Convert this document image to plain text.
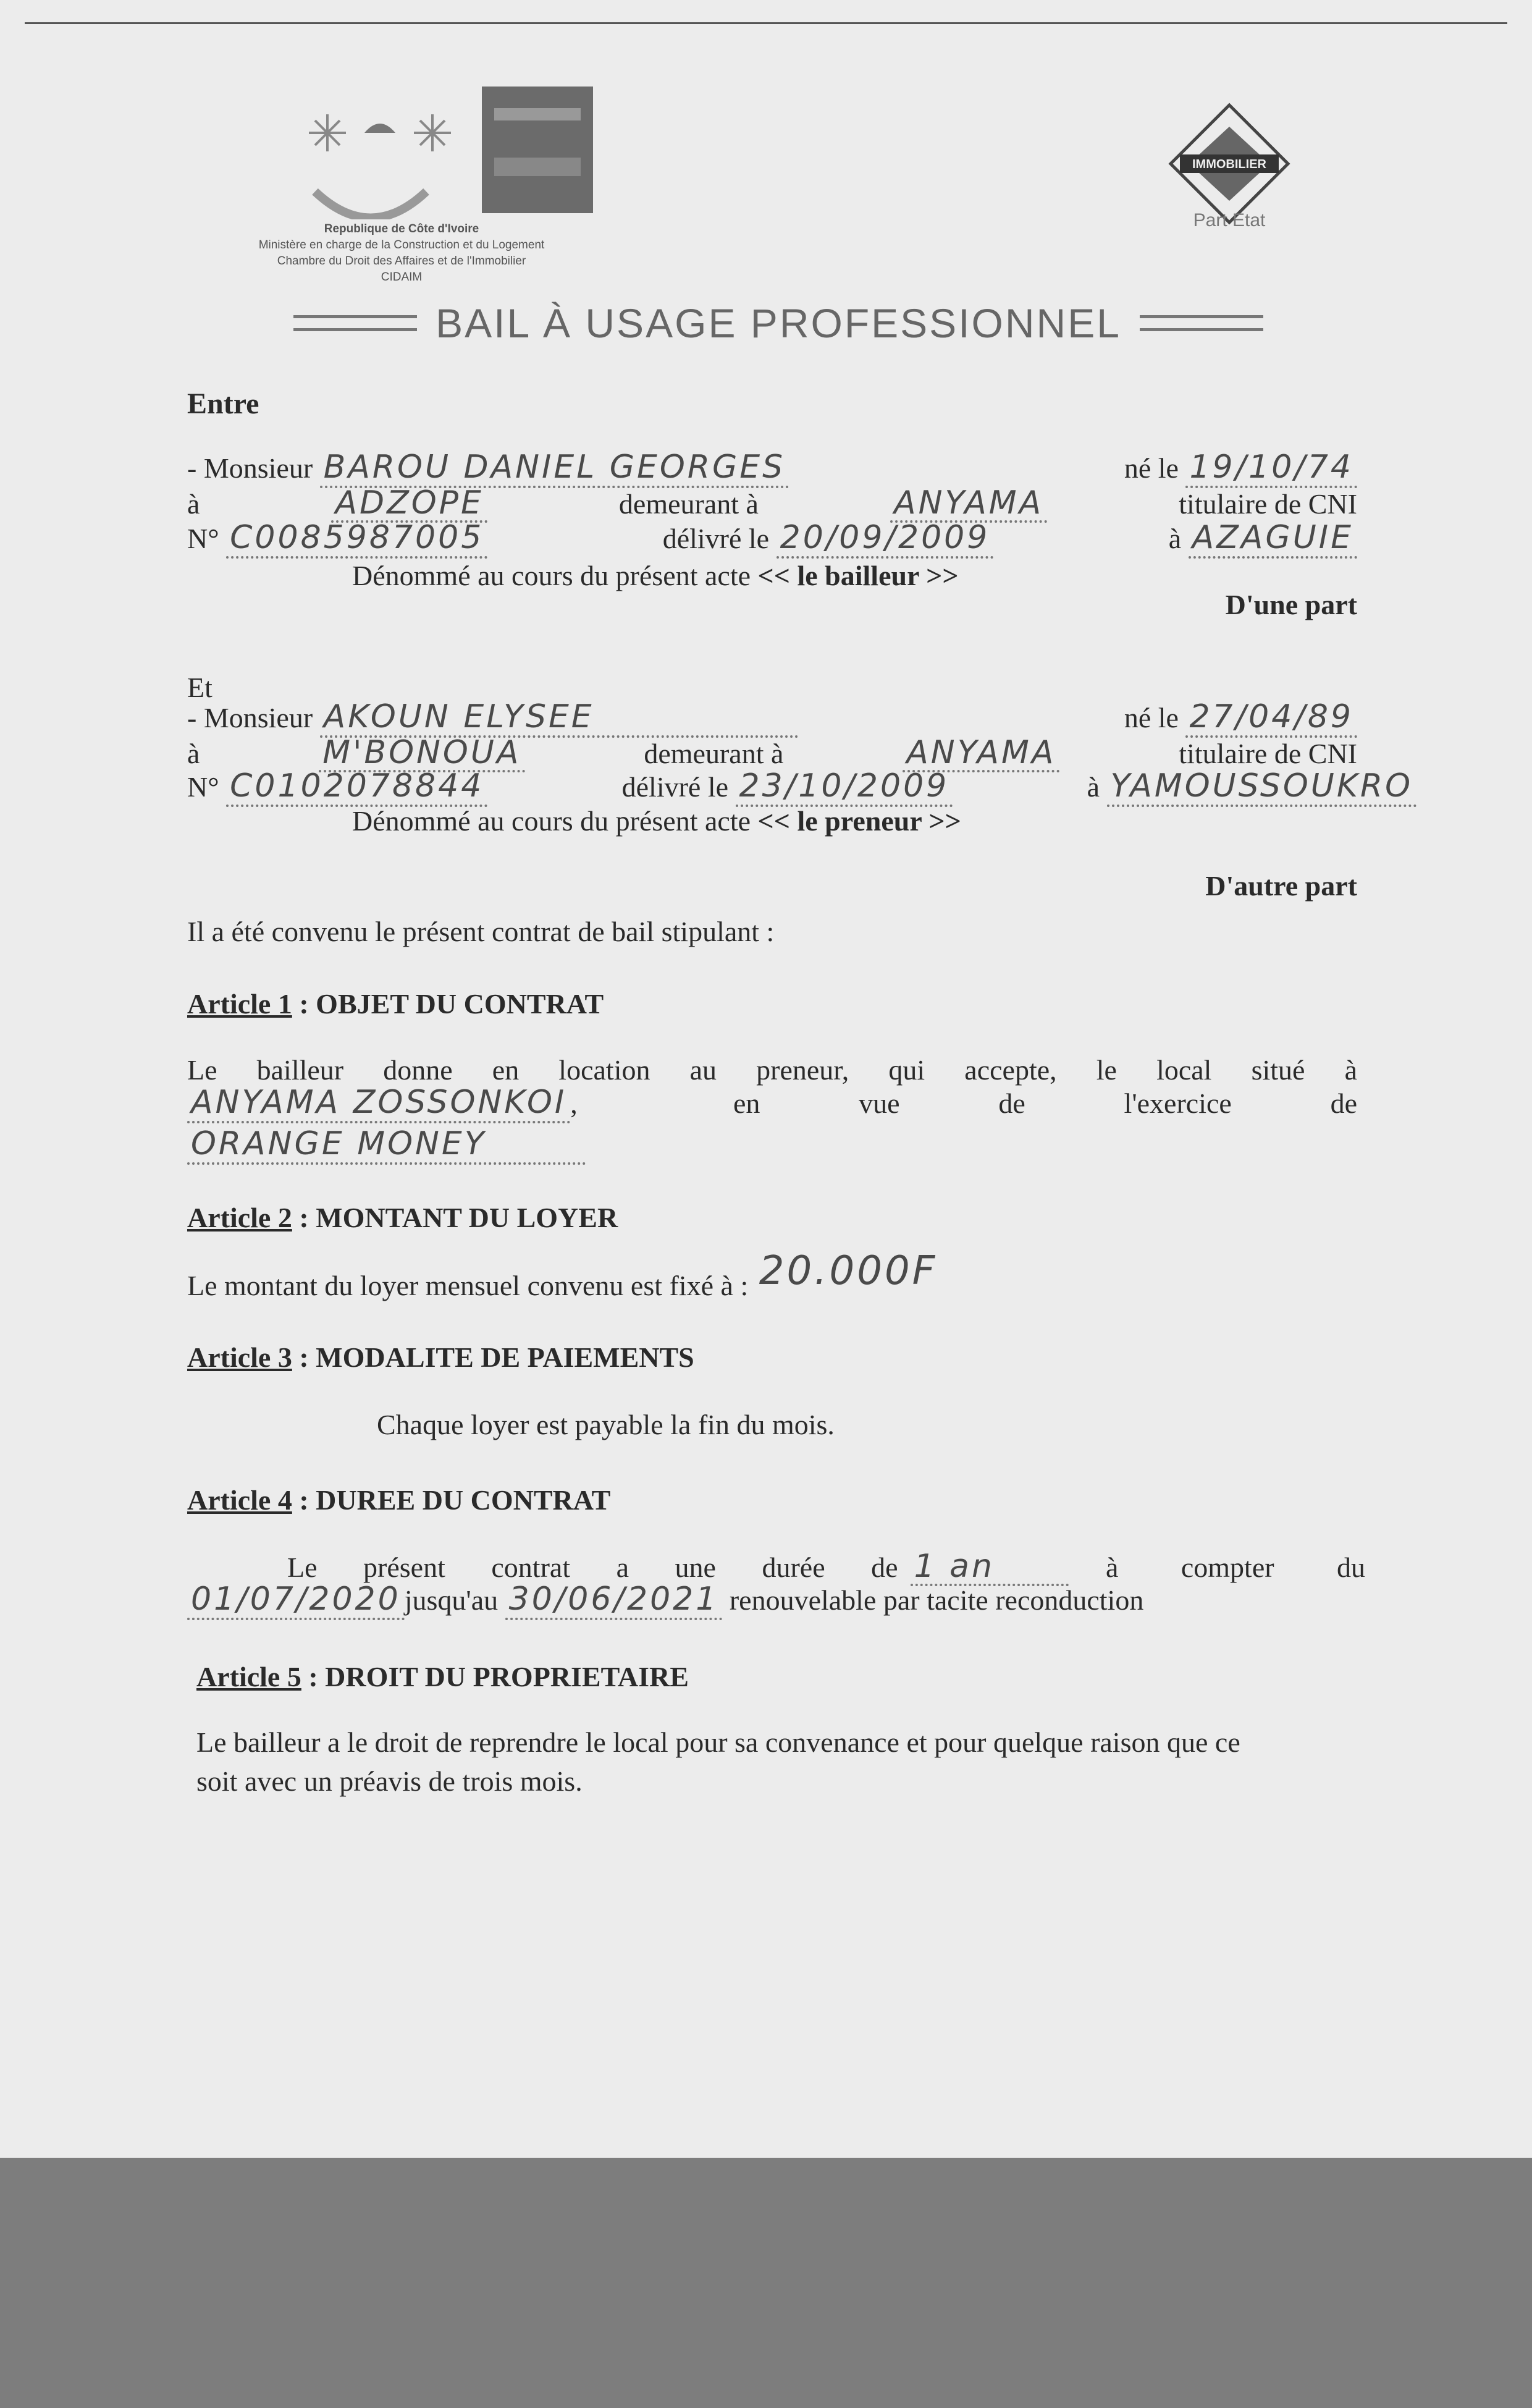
Republique de Côte d'Ivoire
Ministère en charge de la Construction et du Logement
Chambre du Droit des Affaires et de l'Immobilier
CIDAIM
IMMOBILIER
Part Etat
BAIL À USAGE PROFESSIONNEL
Entre
- Monsieur BAROU DANIEL GEORGES	né le 19/10/74
à	ADZOPE	demeurant à	ANYAMA	titulaire de CNI
N° C0085987005	délivré le 20/09/2009	à AZAGUIE
Dénommé au cours du présent acte << le bailleur >>
D'une part
Et
- Monsieur AKOUN ELYSEE	né le 27/04/89
à	M'BONOUA	demeurant à	ANYAMA	titulaire de CNI
N° C0102078844	délivré le 23/10/2009	à YAMOUSSOUKRO
Dénommé au cours du présent acte << le preneur >>
D'autre part
Il a été convenu le présent contrat de bail stipulant :
Article 1 : OBJET DU CONTRAT
Le bailleur donne en location au preneur, qui accepte, le local situé à
ANYAMA ZOSSONKOI ,	en vue de l'exercice de
ORANGE MONEY
Article 2 : MONTANT DU LOYER
Le montant du loyer mensuel convenu est fixé à : 20.000F
Article 3 : MODALITE DE PAIEMENTS
Chaque loyer est payable la fin du mois.
Article 4 : DUREE DU CONTRAT
Le présent contrat a une durée de 1 an	à compter du
01/07/2020 jusqu'au 30/06/2021 renouvelable par tacite reconduction
Article 5 : DROIT DU PROPRIETAIRE
Le bailleur a le droit de reprendre le local pour sa convenance et pour quelque raison que ce
soit avec un préavis de trois mois.
